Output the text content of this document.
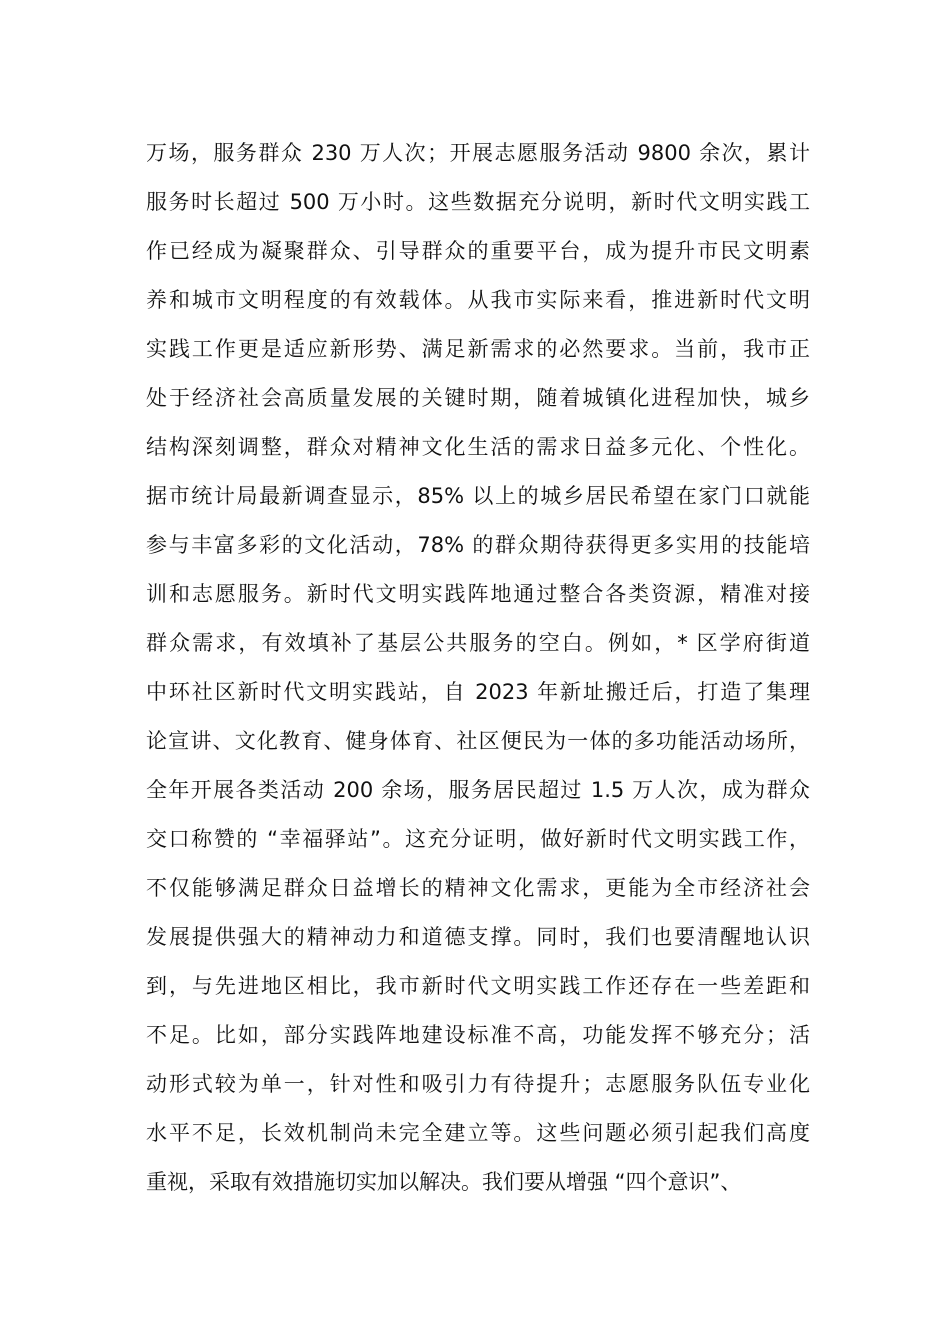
万场，服务群众 230 万人次；开展志愿服务活动 9800 余次，累计
服务时长超过 500 万小时。这些数据充分说明，新时代文明实践工
作已经成为凝聚群众、引导群众的重要平台，成为提升市民文明素
养和城市文明程度的有效载体。从我市实际来看，推进新时代文明
实践工作更是适应新形势、满足新需求的必然要求。当前，我市正
处于经济社会高质量发展的关键时期，随着城镇化进程加快，城乡
结构深刻调整，群众对精神文化生活的需求日益多元化、个性化。
据市统计局最新调查显示，85% 以上的城乡居民希望在家门口就能
参与丰富多彩的文化活动，78% 的群众期待获得更多实用的技能培
训和志愿服务。新时代文明实践阵地通过整合各类资源，精准对接
群众需求，有效填补了基层公共服务的空白。例如，* 区学府街道
中环社区新时代文明实践站，自 2023 年新址搬迁后，打造了集理
论宣讲、文化教育、健身体育、社区便民为一体的多功能活动场所，
全年开展各类活动 200 余场，服务居民超过 1.5 万人次，成为群众
交口称赞的 “幸福驿站”。这充分证明，做好新时代文明实践工作，
不仅能够满足群众日益增长的精神文化需求，更能为全市经济社会
发展提供强大的精神动力和道德支撑。同时，我们也要清醒地认识
到，与先进地区相比，我市新时代文明实践工作还存在一些差距和
不足。比如，部分实践阵地建设标准不高，功能发挥不够充分；活
动形式较为单一，针对性和吸引力有待提升；志愿服务队伍专业化
水平不足，长效机制尚未完全建立等。这些问题必须引起我们高度
重视，采取有效措施切实加以解决。我们要从增强 “四个意识”、
